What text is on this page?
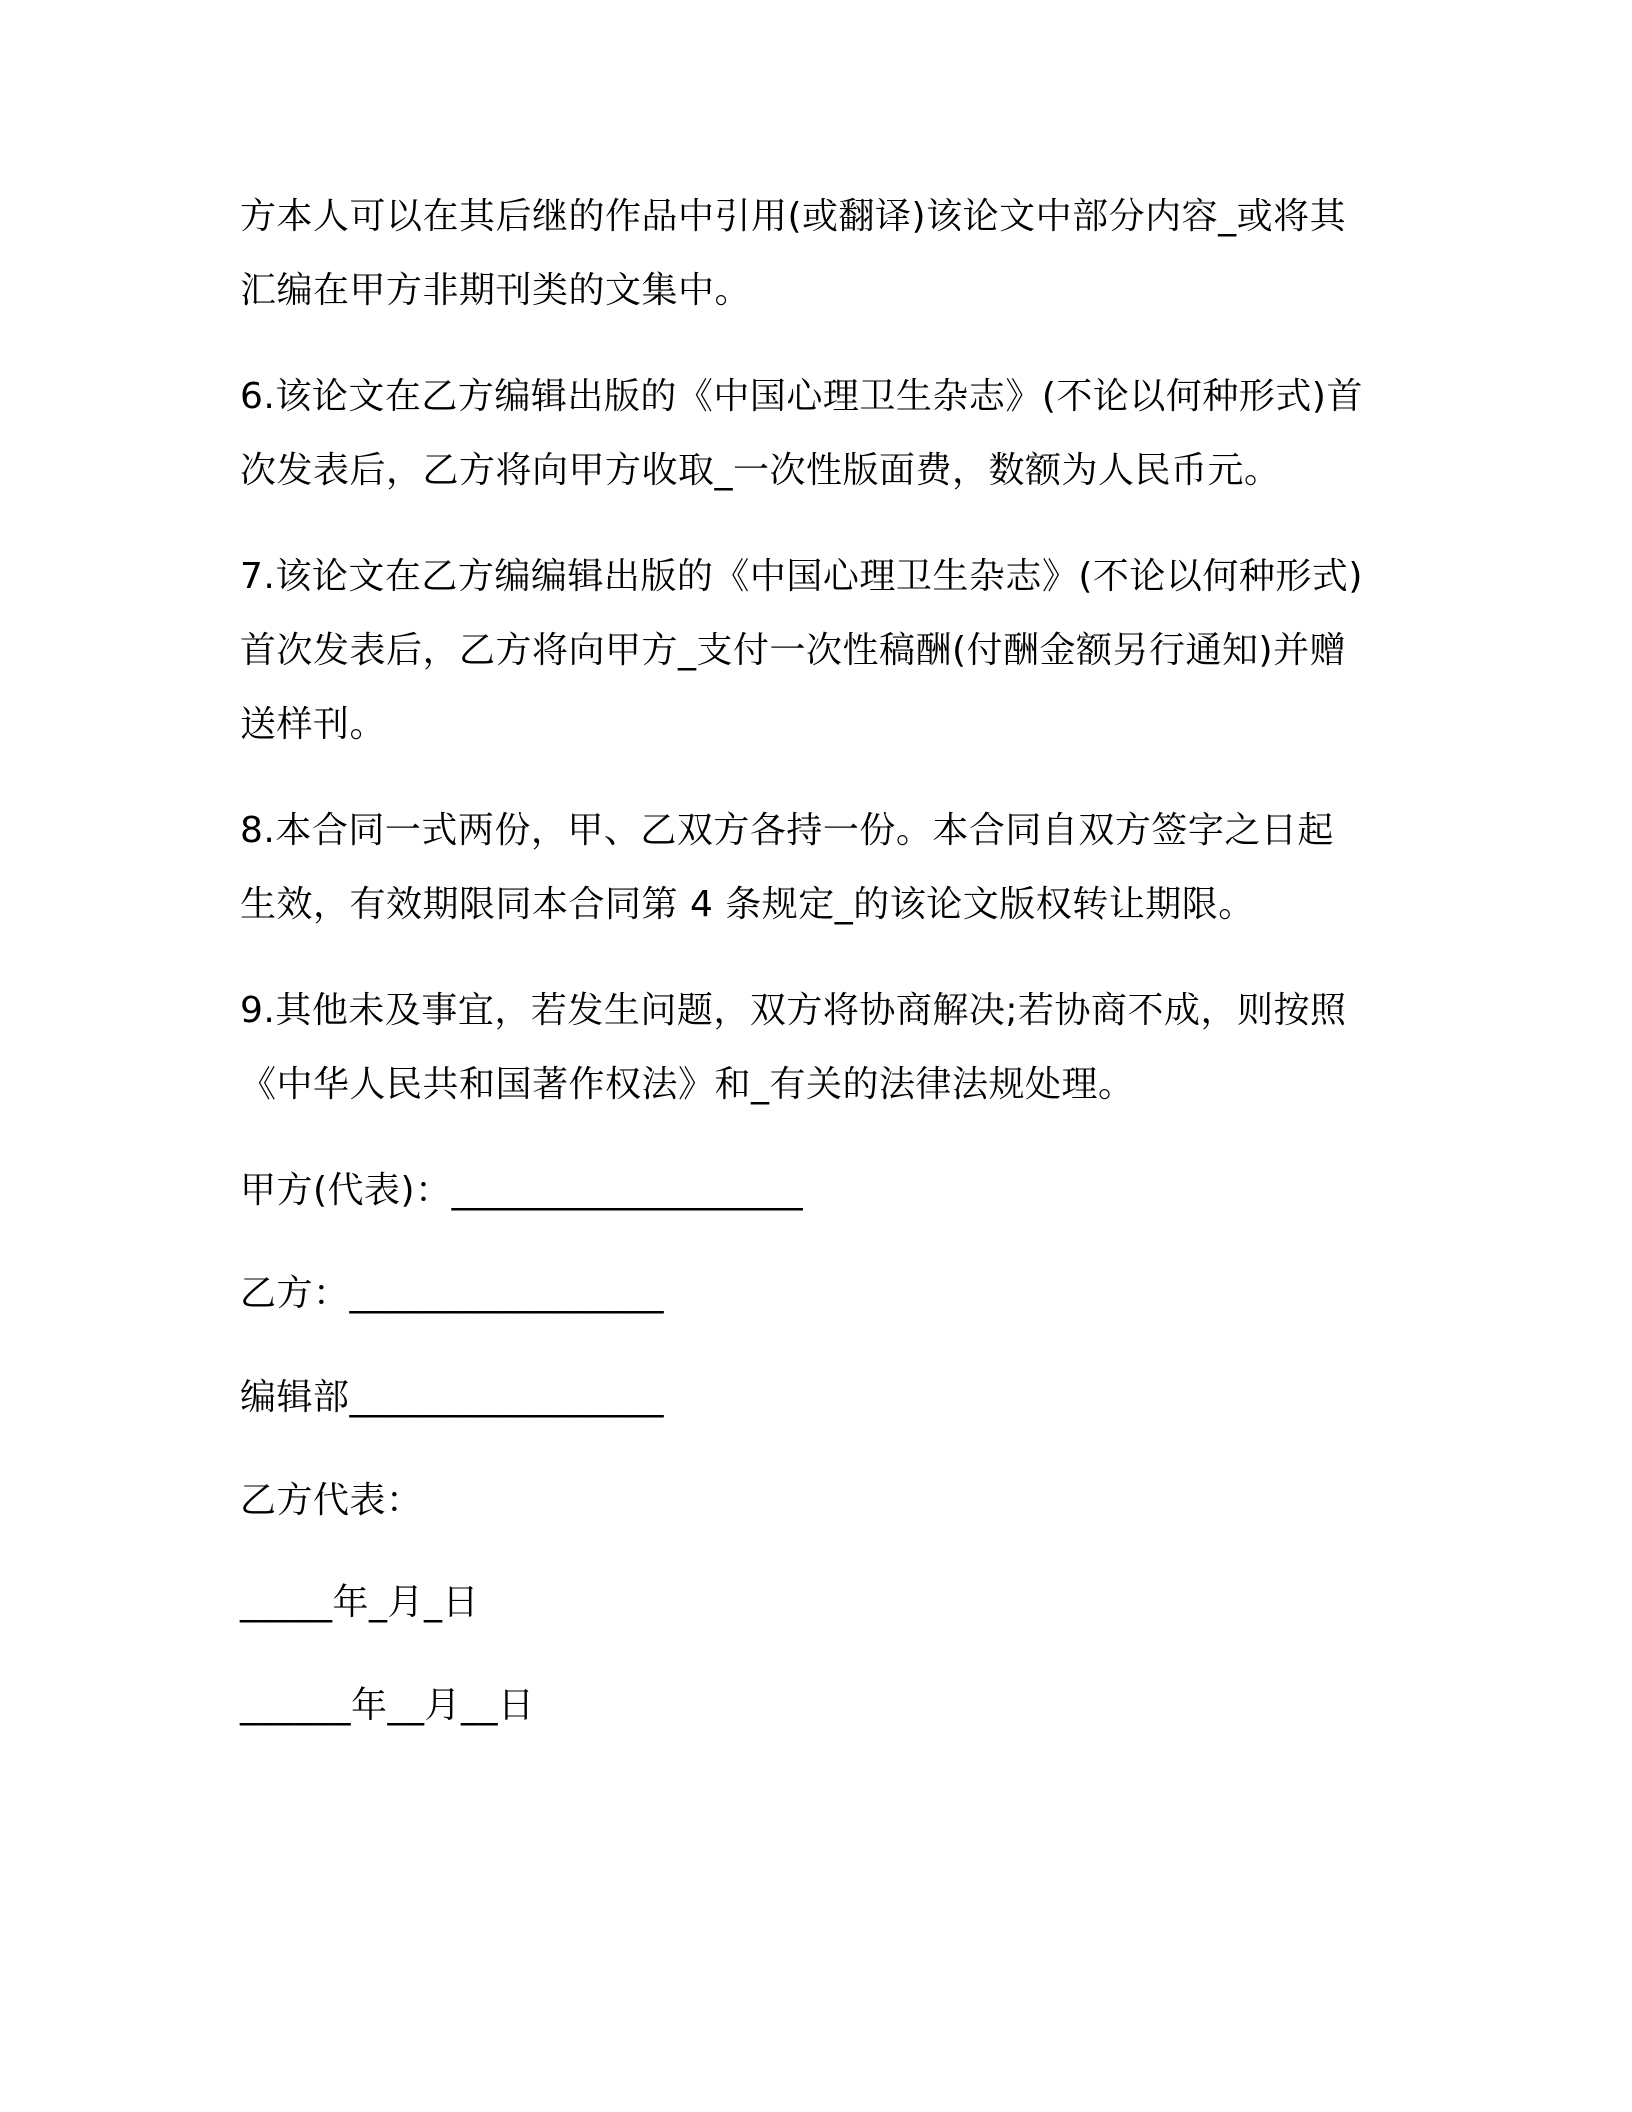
方本人可以在其后继的作品中引用(或翻译)该论文中部分内容_或将其
汇编在甲方非期刊类的文集中。
6.该论文在乙方编辑出版的《中国心理卫生杂志》(不论以何种形式)首
次发表后，乙方将向甲方收取_一次性版面费，数额为人民币元。
7.该论文在乙方编编辑出版的《中国心理卫生杂志》(不论以何种形式)
首次发表后，乙方将向甲方_支付一次性稿酬(付酬金额另行通知)并赠
送样刊。
8.本合同一式两份，甲、乙双方各持一份。本合同自双方签字之日起
生效，有效期限同本合同第 4 条规定_的该论文版权转让期限。
9.其他未及事宜，若发生问题，双方将协商解决;若协商不成，则按照
《中华人民共和国著作权法》和_有关的法律法规处理。
甲方(代表)：___________________
乙方：_________________
编辑部_________________
乙方代表：
_____年_月_日
______年__月__日
